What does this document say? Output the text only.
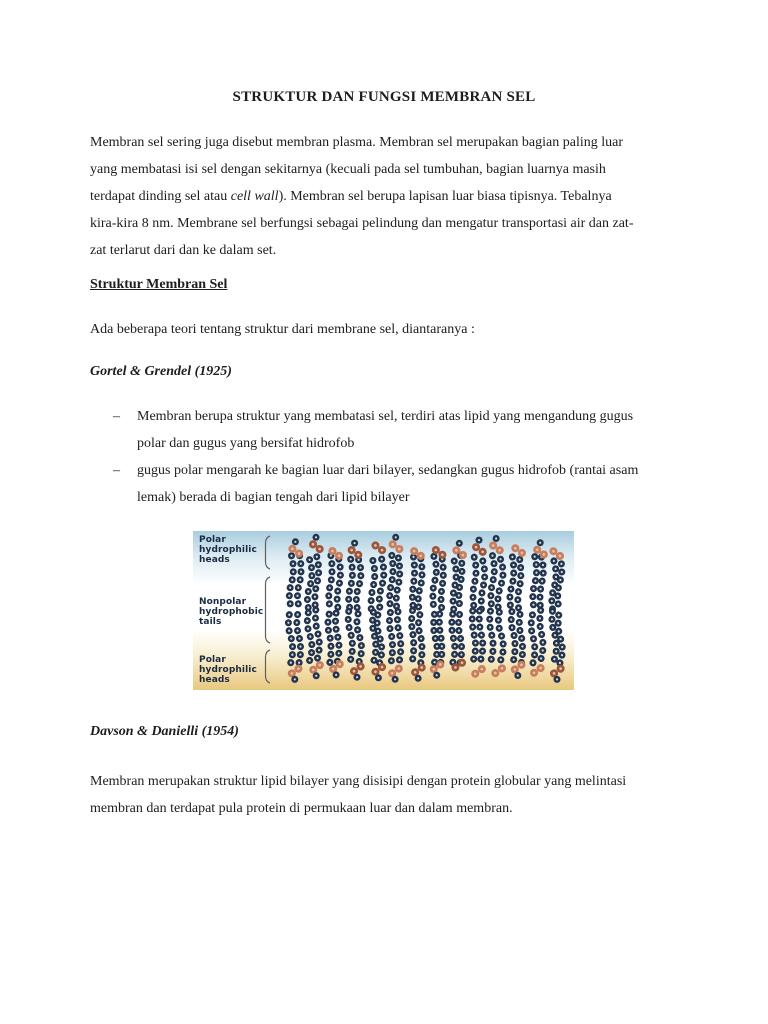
STRUKTUR DAN FUNGSI MEMBRAN SEL
Membran sel sering juga disebut membran plasma. Membran sel merupakan bagian paling luar
yang membatasi isi sel dengan sekitarnya (kecuali pada sel tumbuhan, bagian luarnya masih
terdapat dinding sel atau cell wall). Membran sel berupa lapisan luar biasa tipisnya. Tebalnya
kira-kira 8 nm. Membrane sel berfungsi sebagai pelindung dan mengatur transportasi air dan zat-
zat terlarut dari dan ke dalam set.
Struktur Membran Sel
Ada beberapa teori tentang struktur dari membrane sel, diantaranya :
Gortel & Grendel (1925)
– Membran berupa struktur yang membatasi sel, terdiri atas lipid yang mengandung gugus
polar dan gugus yang bersifat hidrofob
– gugus polar mengarah ke bagian luar dari bilayer, sedangkan gugus hidrofob (rantai asam
lemak) berada di bagian tengah dari lipid bilayer
Polar
hydrophilic
heads
Nonpolar
hydrophobic
tails
Polar
hydrophilic
heads
Davson & Danielli (1954)
Membran merupakan struktur lipid bilayer yang disisipi dengan protein globular yang melintasi
membran dan terdapat pula protein di permukaan luar dan dalam membran.
